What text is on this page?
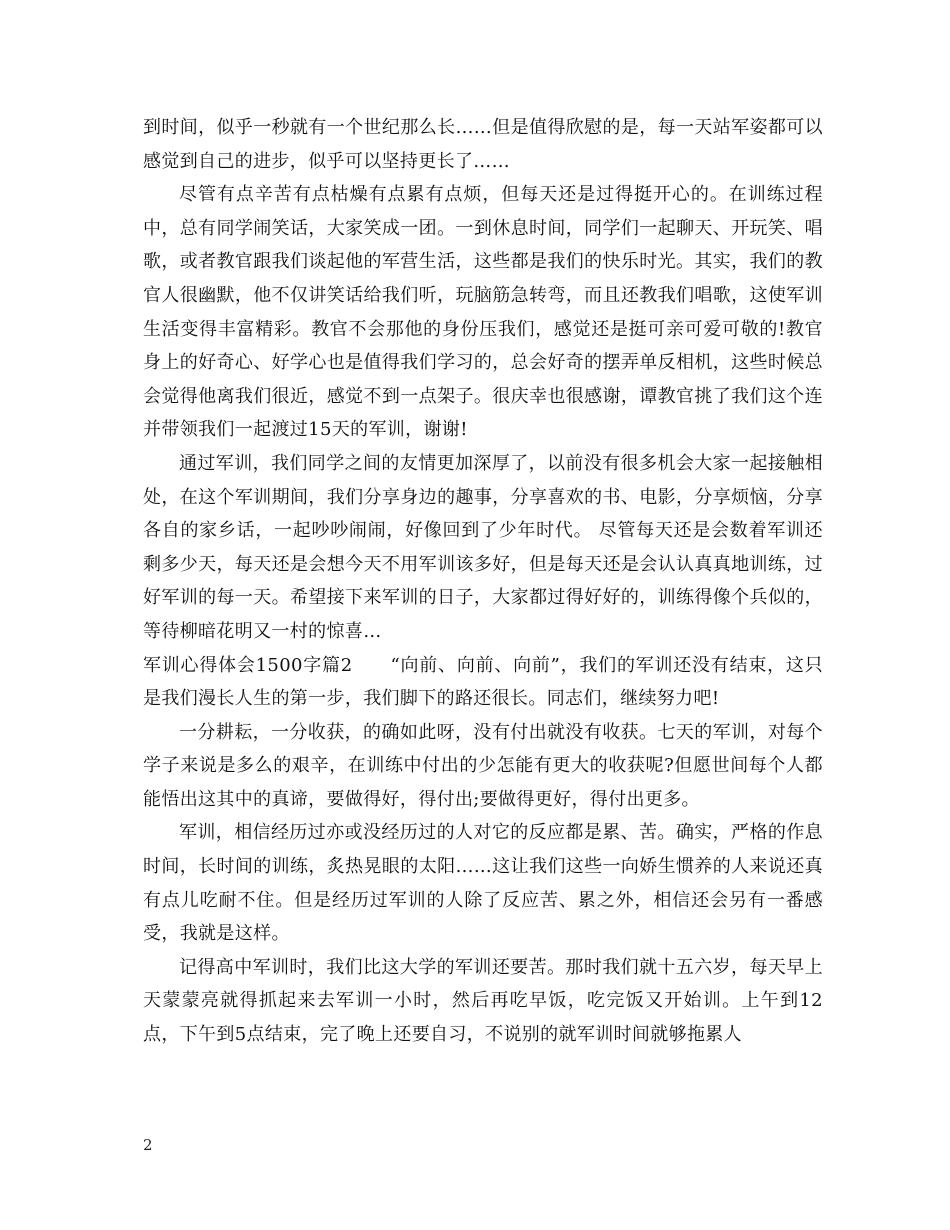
到时间，似乎一秒就有一个世纪那么长……但是值得欣慰的是，每一天站军姿都可以感觉到自己的进步，似乎可以坚持更长了……

尽管有点辛苦有点枯燥有点累有点烦，但每天还是过得挺开心的。在训练过程中，总有同学闹笑话，大家笑成一团。一到休息时间，同学们一起聊天、开玩笑、唱歌，或者教官跟我们谈起他的军营生活，这些都是我们的快乐时光。其实，我们的教官人很幽默，他不仅讲笑话给我们听，玩脑筋急转弯，而且还教我们唱歌，这使军训生活变得丰富精彩。教官不会那他的身份压我们，感觉还是挺可亲可爱可敬的!教官身上的好奇心、好学心也是值得我们学习的，总会好奇的摆弄单反相机，这些时候总会觉得他离我们很近，感觉不到一点架子。很庆幸也很感谢，谭教官挑了我们这个连并带领我们一起渡过15天的军训，谢谢!

通过军训，我们同学之间的友情更加深厚了，以前没有很多机会大家一起接触相处，在这个军训期间，我们分享身边的趣事，分享喜欢的书、电影，分享烦恼，分享各自的家乡话，一起吵吵闹闹，好像回到了少年时代。 尽管每天还是会数着军训还剩多少天，每天还是会想今天不用军训该多好，但是每天还是会认认真真地训练，过好军训的每一天。希望接下来军训的日子，大家都过得好好的，训练得像个兵似的，等待柳暗花明又一村的惊喜…

军训心得体会1500字篇2　　“向前、向前、向前”，我们的军训还没有结束，这只是我们漫长人生的第一步，我们脚下的路还很长。同志们，继续努力吧!

一分耕耘，一分收获，的确如此呀，没有付出就没有收获。七天的军训，对每个学子来说是多么的艰辛，在训练中付出的少怎能有更大的收获呢?但愿世间每个人都能悟出这其中的真谛，要做得好，得付出;要做得更好，得付出更多。

军训，相信经历过亦或没经历过的人对它的反应都是累、苦。确实，严格的作息时间，长时间的训练，炙热晃眼的太阳……这让我们这些一向娇生惯养的人来说还真有点儿吃耐不住。但是经历过军训的人除了反应苦、累之外，相信还会另有一番感受，我就是这样。

记得高中军训时，我们比这大学的军训还要苦。那时我们就十五六岁，每天早上天蒙蒙亮就得抓起来去军训一小时，然后再吃早饭，吃完饭又开始训。上午到12点，下午到5点结束，完了晚上还要自习，不说别的就军训时间就够拖累人

2
